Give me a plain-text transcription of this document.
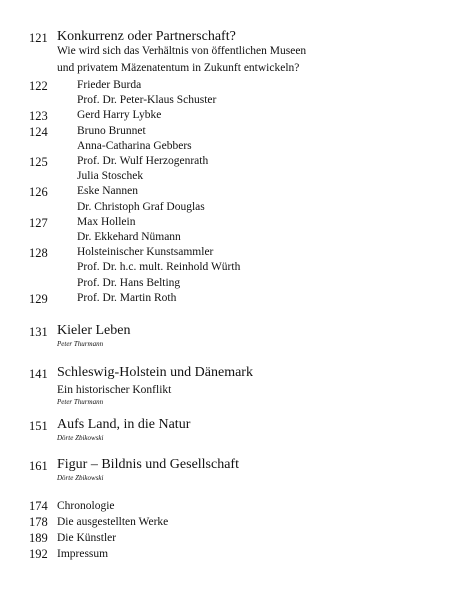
121 Konkurrenz oder Partnerschaft?
Wie wird sich das Verhältnis von öffentlichen Museen
und privatem Mäzenatentum in Zukunft entwickeln?
122	Frieder Burda
Prof. Dr. Peter-Klaus Schuster
123	Gerd Harry Lybke
124	Bruno Brunnet
Anna-Catharina Gebbers
125	Prof. Dr. Wulf Herzogenrath
Julia Stoschek
126	Eske Nannen
Dr. Christoph Graf Douglas
127	Max Hollein
Dr. Ekkehard Nümann
128	Holsteinischer Kunstsammler
Prof. Dr. h.c. mult. Reinhold Würth
Prof. Dr. Hans Belting
129	Prof. Dr. Martin Roth
131 Kieler Leben
Peter Thurmann
141 Schleswig-Holstein und Dänemark
Ein historischer Konflikt
Peter Thurmann
151 Aufs Land, in die Natur
Dörte Zbikowski
161 Figur – Bildnis und Gesellschaft
Dörte Zbikowski
174 Chronologie
178 Die ausgestellten Werke
189 Die Künstler
192 Impressum
